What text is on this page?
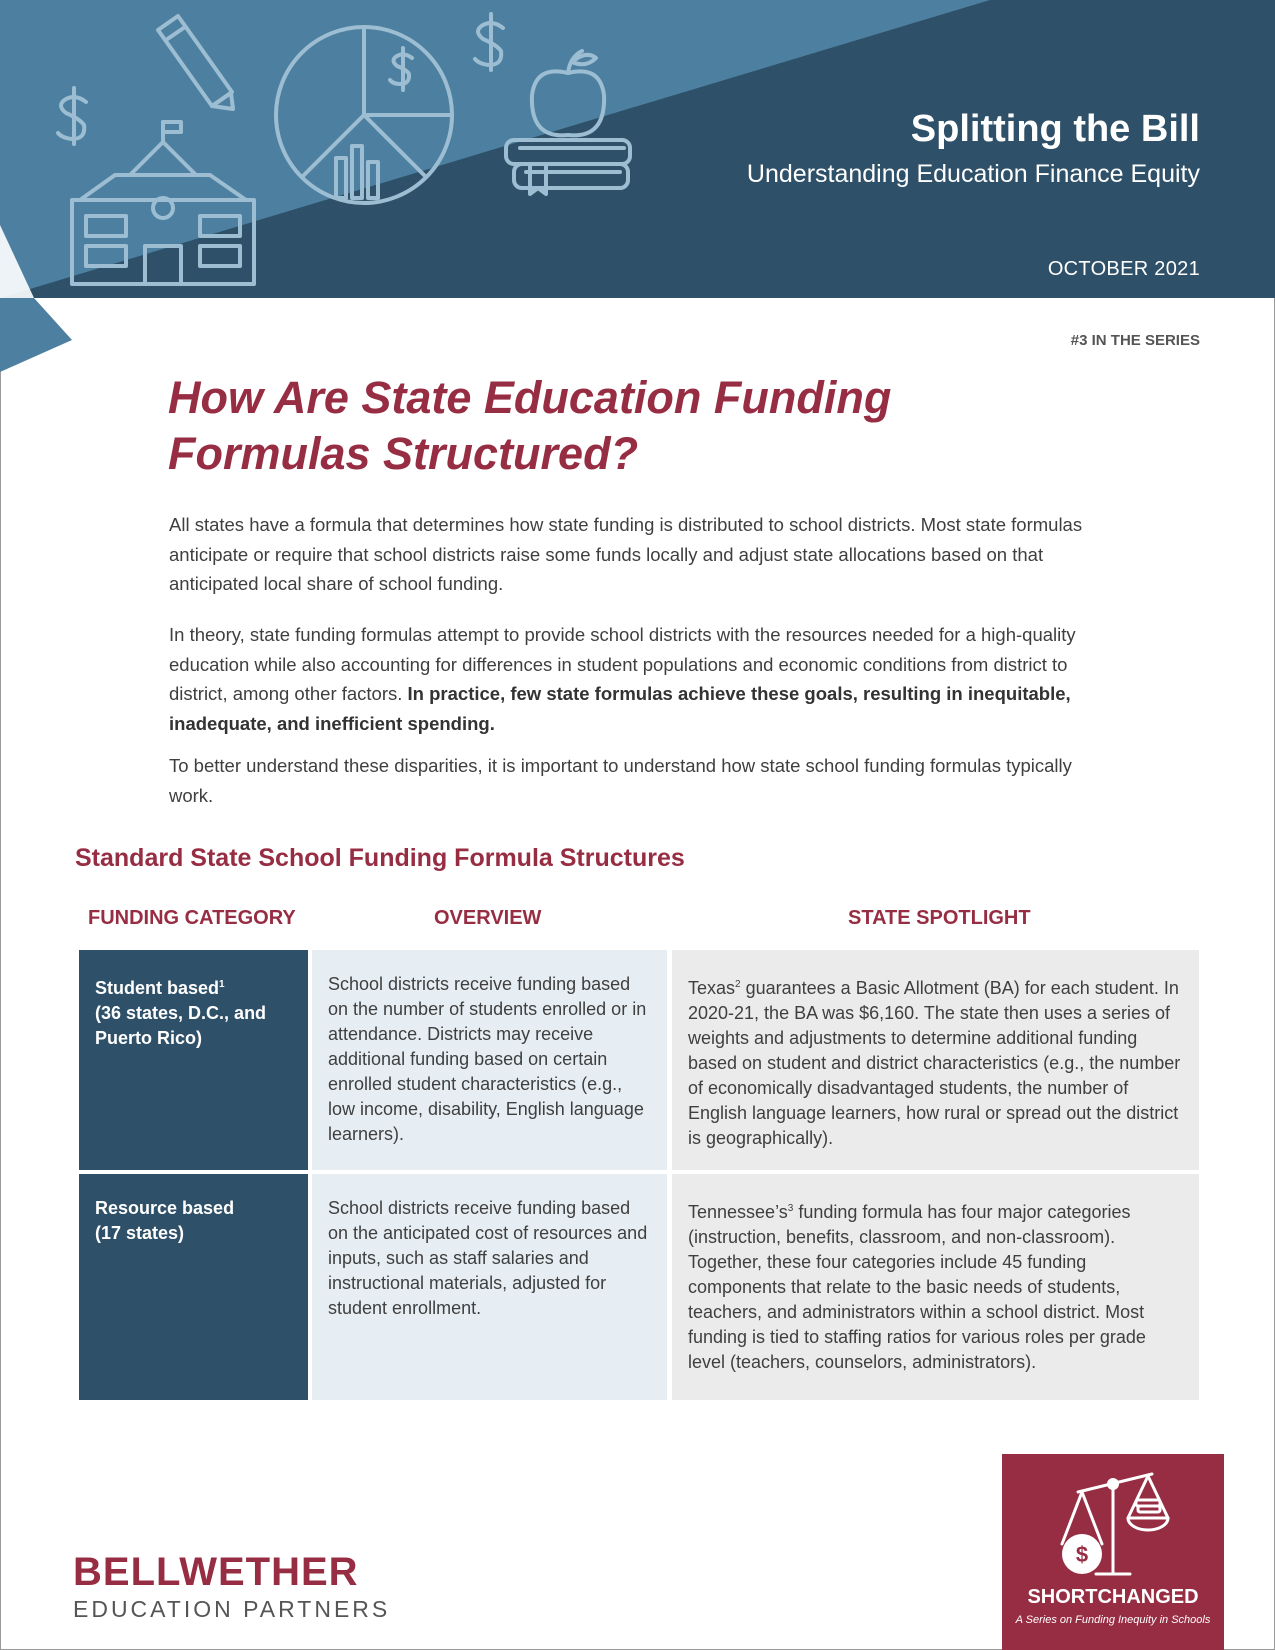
Splitting the Bill
Understanding Education Finance Equity
OCTOBER 2021
#3 IN THE SERIES
How Are State Education Funding Formulas Structured?

All states have a formula that determines how state funding is distributed to school districts. Most state formulas anticipate or require that school districts raise some funds locally and adjust state allocations based on that anticipated local share of school funding.

In theory, state funding formulas attempt to provide school districts with the resources needed for a high-quality education while also accounting for differences in student populations and economic conditions from district to district, among other factors. In practice, few state formulas achieve these goals, resulting in inequitable, inadequate, and inefficient spending.

To better understand these disparities, it is important to understand how state school funding formulas typically work.

Standard State School Funding Formula Structures
FUNDING CATEGORY	OVERVIEW	STATE SPOTLIGHT
Student based$^1$
(36 states, D.C., and Puerto Rico)
School districts receive funding based on the number of students enrolled or in attendance. Districts may receive additional funding based on certain enrolled student characteristics (e.g., low income, disability, English language learners).
Texas$^2$ guarantees a Basic Allotment (BA) for each student. In 2020-21, the BA was $6,160. The state then uses a series of weights and adjustments to determine additional funding based on student and district characteristics (e.g., the number of economically disadvantaged students, the number of English language learners, how rural or spread out the district is geographically).
Resource based
(17 states)
School districts receive funding based on the anticipated cost of resources and inputs, such as staff salaries and instructional materials, adjusted for student enrollment.
$Tennessee’s^3$ funding formula has four major categories (instruction, benefits, classroom, and non-classroom). Together, these four categories include 45 funding components that relate to the basic needs of students, teachers, and administrators within a school district. Most funding is tied to staffing ratios for various roles per grade level (teachers, counselors, administrators).
BELLWETHER
EDUCATION PARTNERS
$
SHORTCHANGED
A Series on Funding Inequity in Schools
